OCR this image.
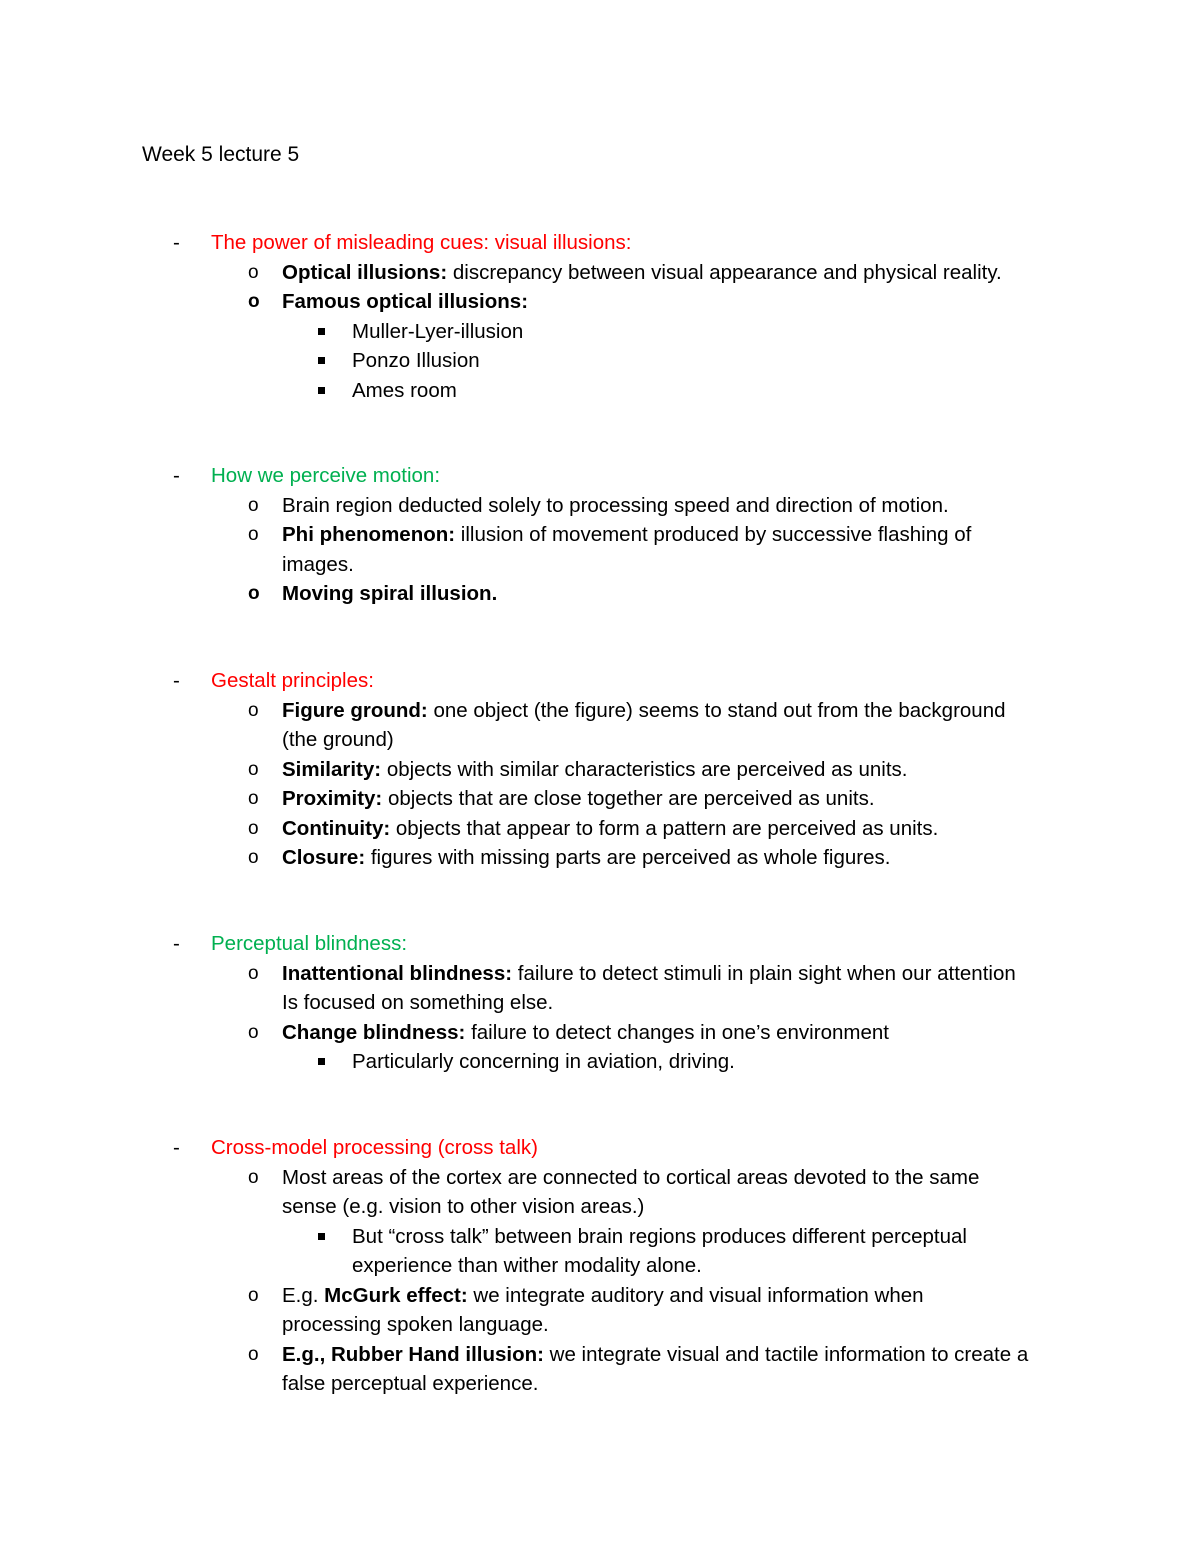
Week 5 lecture 5
- The power of misleading cues: visual illusions:
o Optical illusions: discrepancy between visual appearance and physical reality.
o Famous optical illusions:
Muller-Lyer-illusion
Ponzo Illusion
Ames room
- How we perceive motion:
o Brain region deducted solely to processing speed and direction of motion.
o Phi phenomenon: illusion of movement produced by successive flashing of
images.
o Moving spiral illusion.
- Gestalt principles:
o Figure ground: one object (the figure) seems to stand out from the background
(the ground)
o Similarity: objects with similar characteristics are perceived as units.
o Proximity: objects that are close together are perceived as units.
o Continuity: objects that appear to form a pattern are perceived as units.
o Closure: figures with missing parts are perceived as whole figures.
- Perceptual blindness:
o Inattentional blindness: failure to detect stimuli in plain sight when our attention
Is focused on something else.
o Change blindness: failure to detect changes in one’s environment
Particularly concerning in aviation, driving.
- Cross-model processing (cross talk)
o Most areas of the cortex are connected to cortical areas devoted to the same
sense (e.g. vision to other vision areas.)
But “cross talk” between brain regions produces different perceptual
experience than wither modality alone.
o E.g. McGurk effect: we integrate auditory and visual information when
processing spoken language.
o E.g., Rubber Hand illusion: we integrate visual and tactile information to create a
false perceptual experience.
